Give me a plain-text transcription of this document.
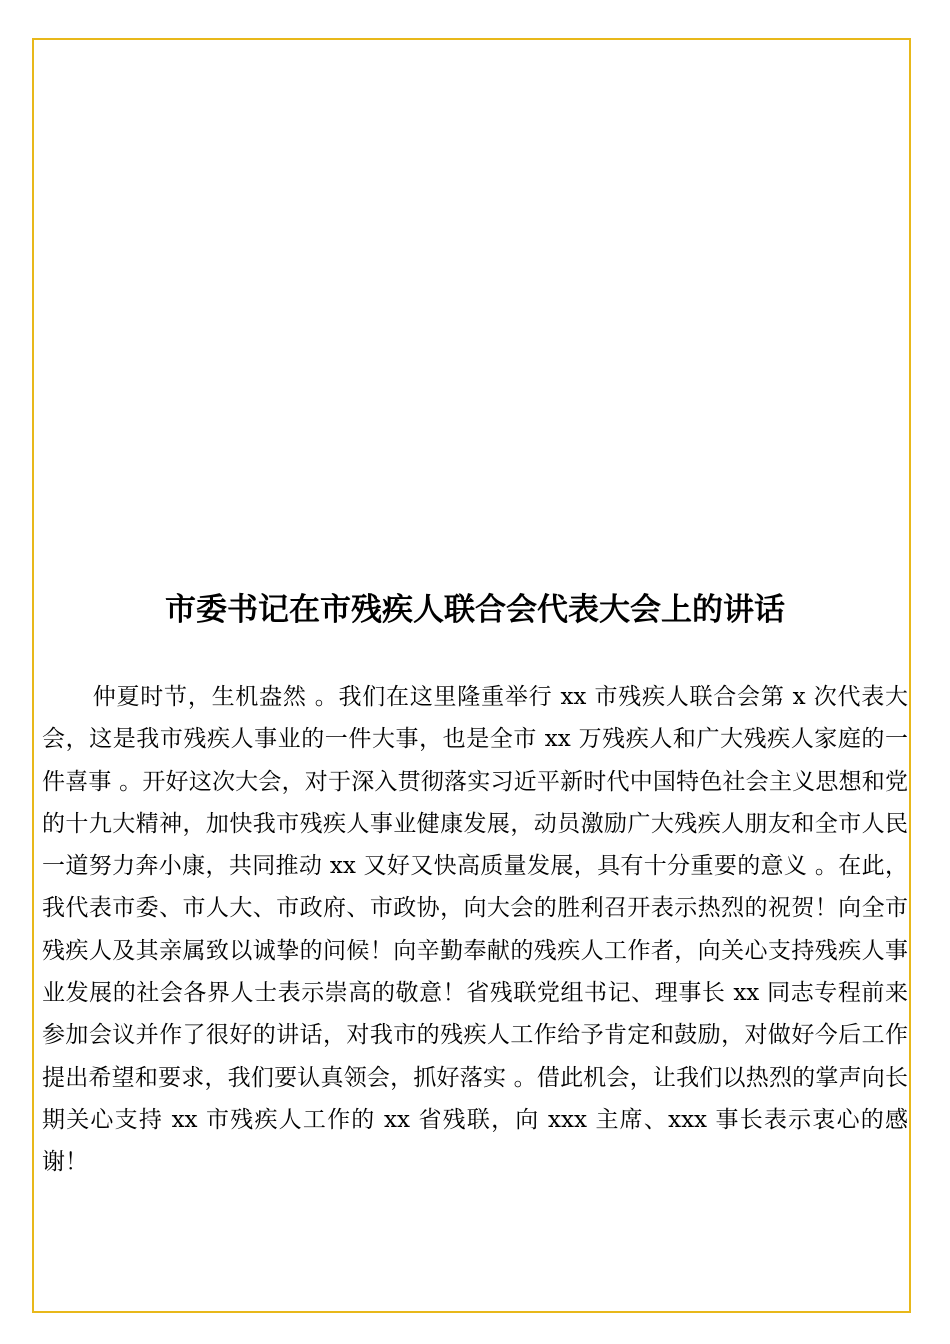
市委书记在市残疾人联合会代表大会上的讲话

仲夏时节，生机盎然 。我们在这里隆重举行 xx 市残疾人联合会第 x 次代表大会，这是我市残疾人事业的一件大事，也是全市 xx 万残疾人和广大残疾人家庭的一件喜事 。开好这次大会，对于深入贯彻落实习近平新时代中国特色社会主义思想和党的十九大精神，加快我市残疾人事业健康发展，动员激励广大残疾人朋友和全市人民一道努力奔小康，共同推动 xx 又好又快高质量发展，具有十分重要的意义 。在此，我代表市委、市人大、市政府、市政协，向大会的胜利召开表示热烈的祝贺！向全市残疾人及其亲属致以诚挚的问候！向辛勤奉献的残疾人工作者，向关心支持残疾人事业发展的社会各界人士表示崇高的敬意！省残联党组书记、理事长 xx 同志专程前来参加会议并作了很好的讲话，对我市的残疾人工作给予肯定和鼓励，对做好今后工作提出希望和要求，我们要认真领会，抓好落实 。借此机会，让我们以热烈的掌声向长期关心支持 xx 市残疾人工作的 xx 省残联，向 xxx 主席、xxx 事长表示衷心的感谢！
